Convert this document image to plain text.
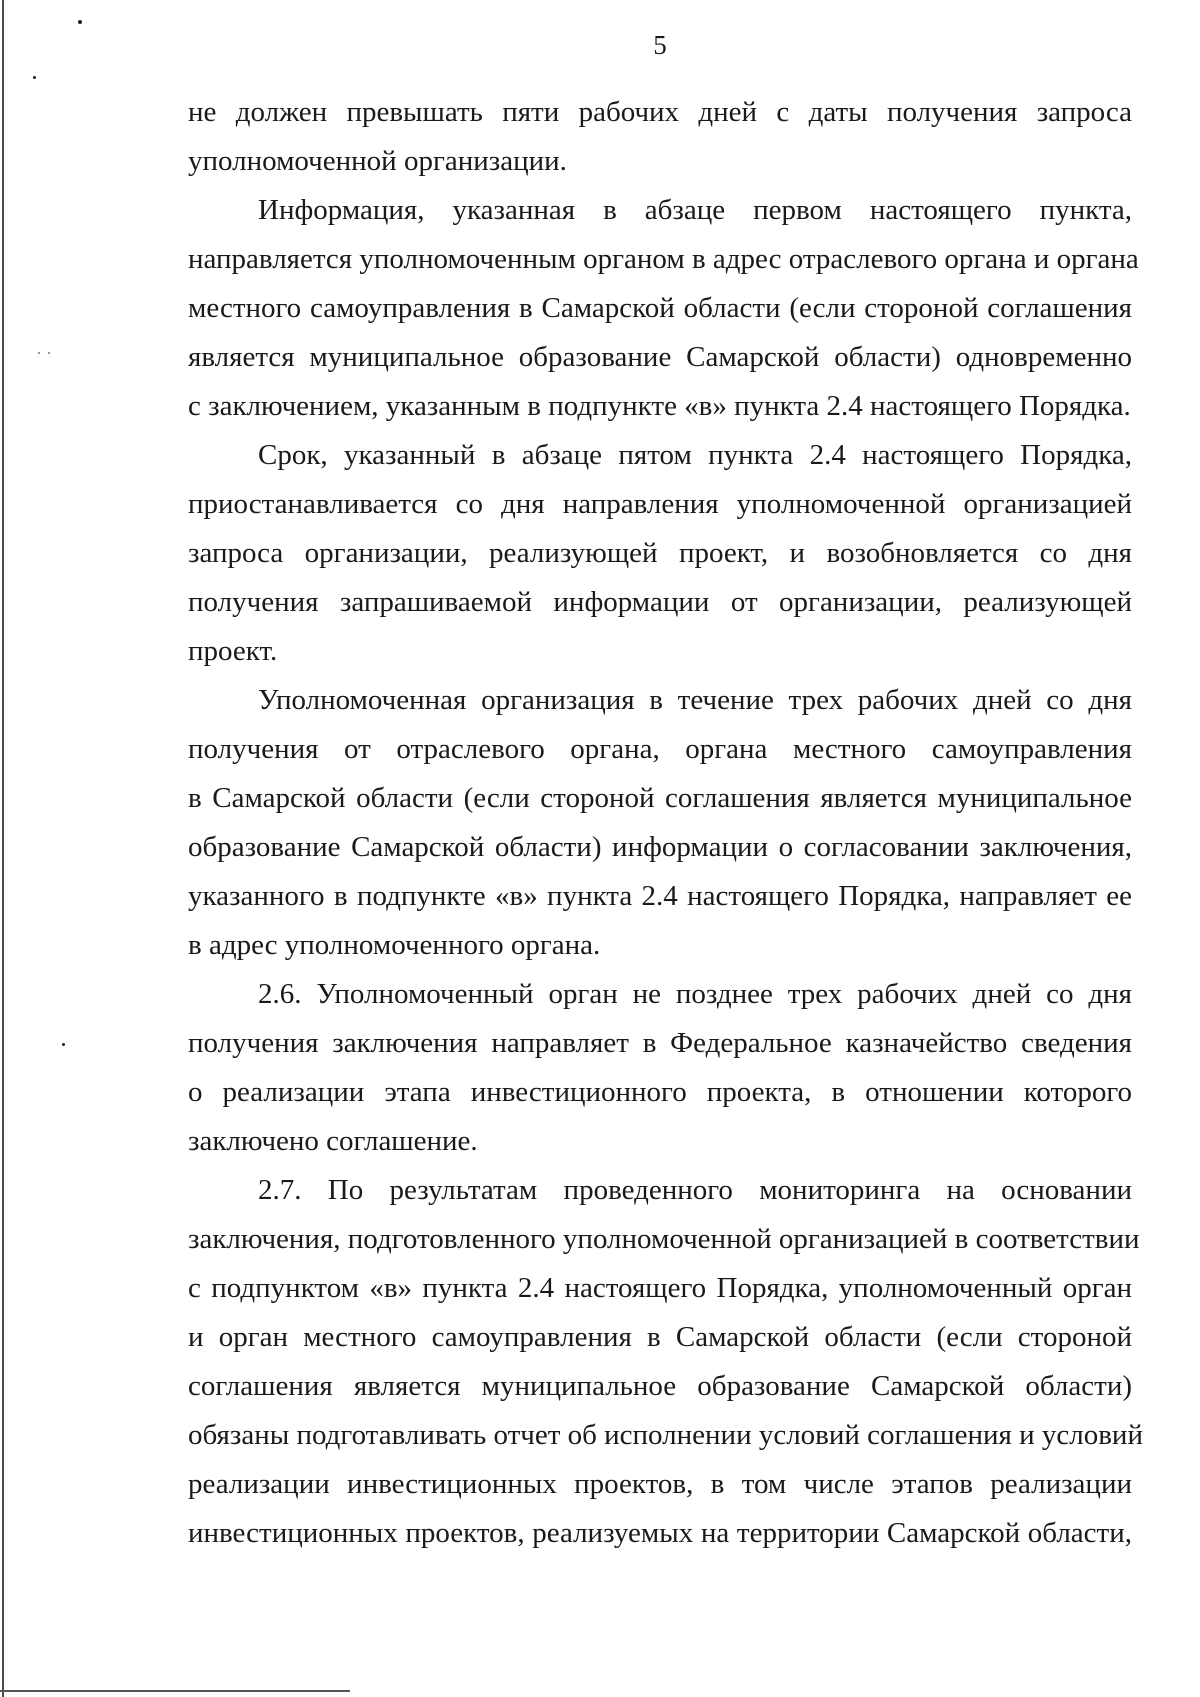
5
не должен превышать пяти рабочих дней с даты получения запроса
уполномоченной организации.
Информация, указанная в абзаце первом настоящего пункта,
направляется уполномоченным органом в адрес отраслевого органа и органа
местного самоуправления в Самарской области (если стороной соглашения
является муниципальное образование Самарской области) одновременно
с заключением, указанным в подпункте «в» пункта 2.4 настоящего Порядка.
Срок, указанный в абзаце пятом пункта 2.4 настоящего Порядка,
приостанавливается со дня направления уполномоченной организацией
запроса организации, реализующей проект, и возобновляется со дня
получения запрашиваемой информации от организации, реализующей
проект.
Уполномоченная организация в течение трех рабочих дней со дня
получения от отраслевого органа, органа местного самоуправления
в Самарской области (если стороной соглашения является муниципальное
образование Самарской области) информации о согласовании заключения,
указанного в подпункте «в» пункта 2.4 настоящего Порядка, направляет ее
в адрес уполномоченного органа.
2.6. Уполномоченный орган не позднее трех рабочих дней со дня
получения заключения направляет в Федеральное казначейство сведения
о реализации этапа инвестиционного проекта, в отношении которого
заключено соглашение.
2.7. По результатам проведенного мониторинга на основании
заключения, подготовленного уполномоченной организацией в соответствии
с подпунктом «в» пункта 2.4 настоящего Порядка, уполномоченный орган
и орган местного самоуправления в Самарской области (если стороной
соглашения является муниципальное образование Самарской области)
обязаны подготавливать отчет об исполнении условий соглашения и условий
реализации инвестиционных проектов, в том числе этапов реализации
инвестиционных проектов, реализуемых на территории Самарской области,
